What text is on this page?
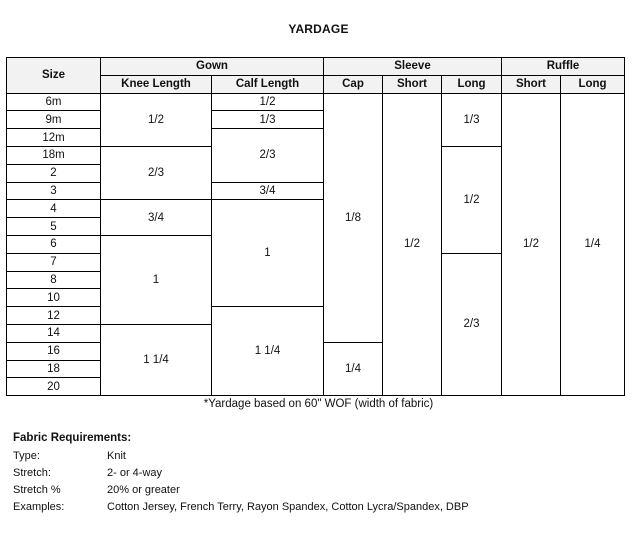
YARDAGE
Size	Gown		Sleeve			Ruffle	
	Knee Length	Calf Length	Cap	Short	Long	Short	Long
6m	1/2	1/2	1/8	1/2	1/3	1/2	1/4
9m		1/3					
12m		2/3					
18m	2/3				1/2		
2							
3		3/4					
4	3/4	1					
5							
6	1						
7					2/3		
8							
10							
12		1 1/4					
14	1 1/4						
16			1/4				
18							
20							
*Yardage based on 60" WOF (width of fabric)
Fabric Requirements:
Type:	Knit
Stretch:	2- or 4-way
Stretch %	20% or greater
Examples:	Cotton Jersey, French Terry, Rayon Spandex, Cotton Lycra/Spandex, DBP
